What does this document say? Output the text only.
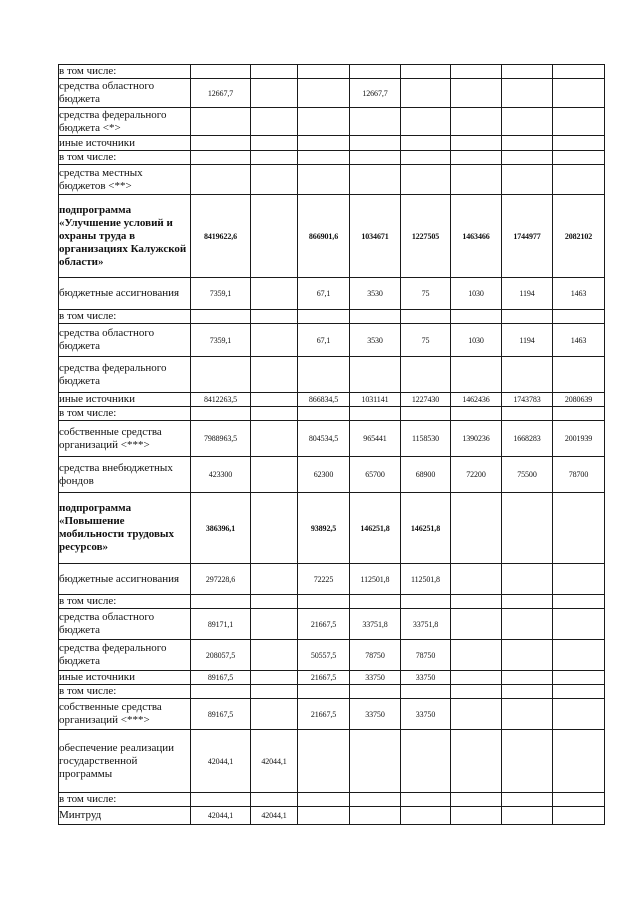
в том числе:								
средства областного бюджета	12667,7			12667,7				
средства федерального бюджета <*>								
иные источники								
в том числе:								
средства местных бюджетов <**>								
подпрограмма «Улучшение условий и охраны труда в организациях Калужской области»	8419622,6		866901,6	1034671	1227505	1463466	1744977	2082102
бюджетные ассигнования	7359,1		67,1	3530	75	1030	1194	1463
в том числе:								
средства областного бюджета	7359,1		67,1	3530	75	1030	1194	1463
средства федерального бюджета								
иные источники	8412263,5		866834,5	1031141	1227430	1462436	1743783	2080639
в том числе:								
собственные средства организаций <***>	7988963,5		804534,5	965441	1158530	1390236	1668283	2001939
средства внебюджетных фондов	423300		62300	65700	68900	72200	75500	78700
подпрограмма «Повышение мобильности трудовых ресурсов»	386396,1		93892,5	146251,8	146251,8			
бюджетные ассигнования	297228,6		72225	112501,8	112501,8			
в том числе:								
средства областного бюджета	89171,1		21667,5	33751,8	33751,8			
средства федерального бюджета	208057,5		50557,5	78750	78750			
иные источники	89167,5		21667,5	33750	33750			
в том числе:								
собственные средства организаций <***>	89167,5		21667,5	33750	33750			
обеспечение реализации государственной программы	42044,1	42044,1						
в том числе:								
Минтруд	42044,1	42044,1						
